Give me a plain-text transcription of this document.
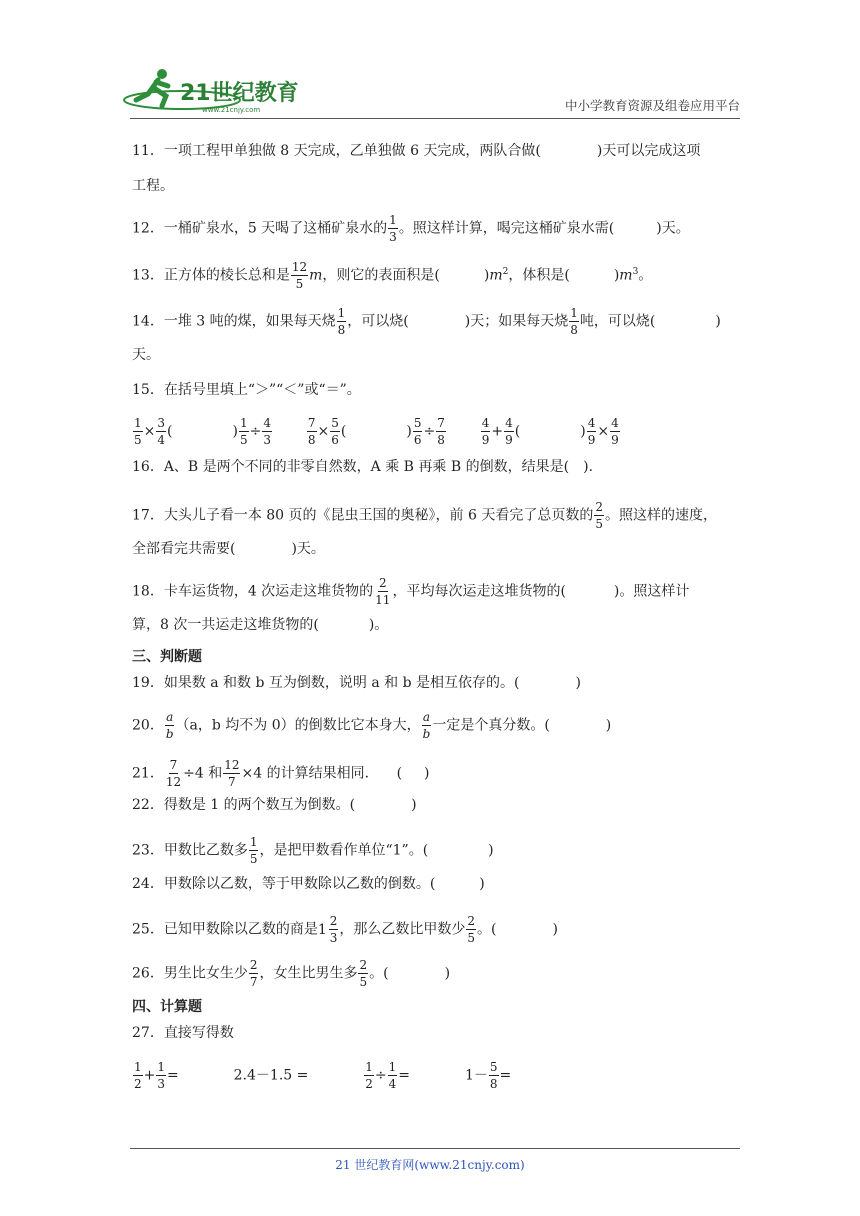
21世纪教育
www.21cnjy.com	中小学教育资源及组卷应用平台
11．一项工程甲单独做 8 天完成，乙单独做 6 天完成，两队合做(	)天可以完成这项
工程。
12．一桶矿泉水，5 天喝了这桶矿泉水的 $\frac{1}{3}$ 。照这样计算，喝完这桶矿泉水需(	)天。
13．正方体的棱长总和是 $\frac{12}{5}$ m，则它的表面积是(	)$m^2$，体积是(	)$m^3$。
14．一堆 3 吨的煤，如果每天烧 $\frac{1}{8}$ ，可以烧(	)天；如果每天烧 $\frac{1}{8}$ 吨，可以烧(	)
天。
15．在括号里填上“＞”“＜”或“＝”。
$\frac{1}{5} \times \frac{3}{4}$ (	) $\frac{1}{5} \div \frac{4}{3}$
	$\frac{7}{8} \times \frac{5}{6}$ (	) $\frac{5}{6} \div \frac{7}{8}$
	$\frac{4}{9} + \frac{4}{9}$ (	) $\frac{4}{9} \times \frac{4}{9}$
16．A、B 是两个不同的非零自然数，A 乘 B 再乘 B 的倒数，结果是( ).
17．大头儿子看一本 80 页的《昆虫王国的奥秘》，前 6 天看完了总页数的 $\frac{2}{5}$ 。照这样的速度，
全部看完共需要(	)天。
18．卡车运货物，4 次运走这堆货物的 $\frac{2}{11}$ ，平均每次运走这堆货物的(	)。照这样计
算，8 次一共运走这堆货物的(	)。
三、判断题
19．如果数 a 和数 b 互为倒数，说明 a 和 b 是相互依存的。(	)
20． $\frac{a}{b} (a$，b 均不为 0）的倒数比它本身大， $\frac{a}{b}$ 一定是个真分数。(	)
21． $\frac{7}{12} \div 4$ 和 $\frac{12}{7} \times 4$ 的计算结果相同． ( )
22．得数是 1 的两个数互为倒数。(	)
23．甲数比乙数多 $\frac{1}{5}$ ，是把甲数看作单位“1”。(	)
24．甲数除以乙数，等于甲数除以乙数的倒数。(	)
25．已知甲数除以乙数的商是 1
2
3
，那么乙数比甲数少 $\frac{2}{5}$ 。(	)
26．男生比女生少 $\frac{2}{7}$ ，女生比男生多 $\frac{2}{5}$ 。(	)
四、计算题
27．直接写得数
$\frac{1}{2} + \frac{1}{3}$ =	2.4－1.5 =	$\frac{1}{2} \div \frac{1}{4}$ =	$1- \frac{5}{8}$ =
21 世纪教育网(www.21cnjy.com)
